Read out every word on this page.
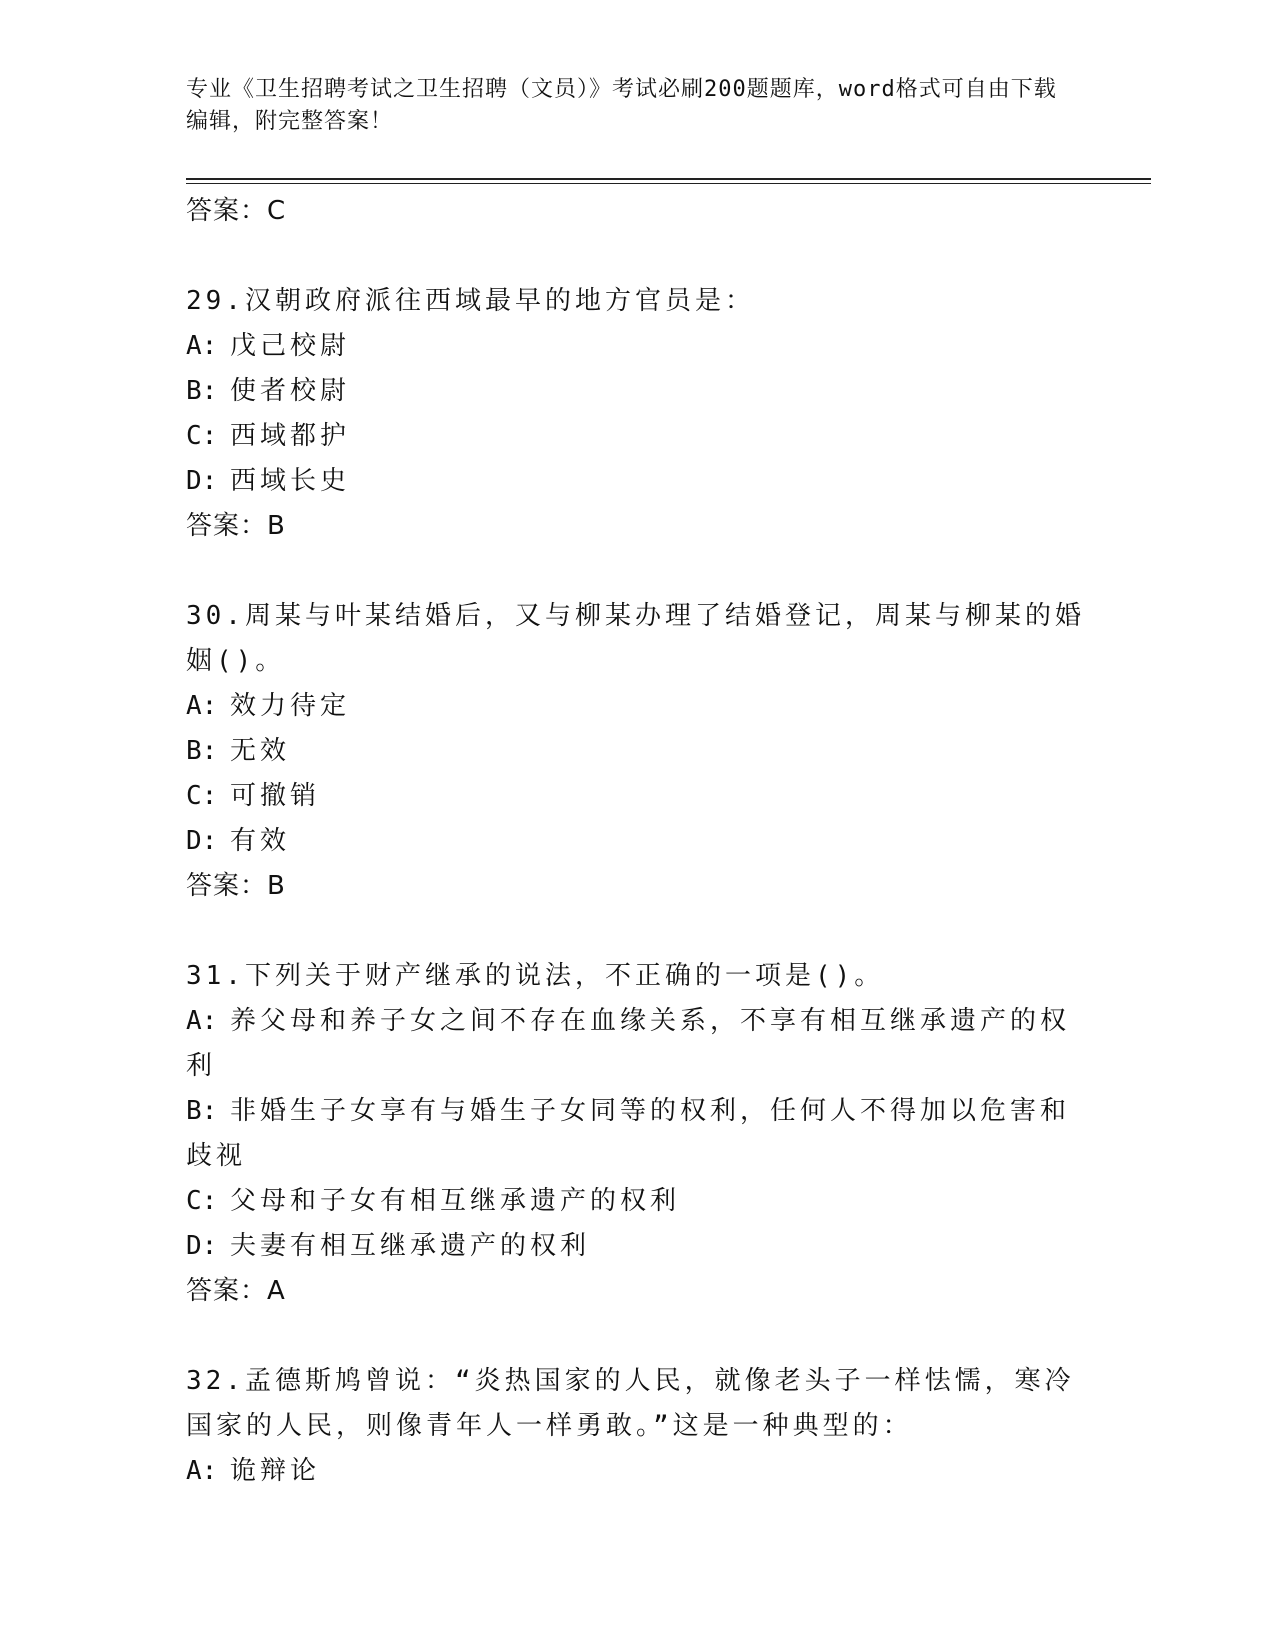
专业《卫生招聘考试之卫生招聘（文员）》考试必刷200题题库，word格式可自由下载编辑，附完整答案！
答案：C
29.汉朝政府派往西域最早的地方官员是：
A: 戊己校尉
B: 使者校尉
C: 西域都护
D: 西域长史
答案：B
30.周某与叶某结婚后，又与柳某办理了结婚登记，周某与柳某的婚姻()。
A: 效力待定
B: 无效
C: 可撤销
D: 有效
答案：B
31.下列关于财产继承的说法，不正确的一项是()。
A: 养父母和养子女之间不存在血缘关系，不享有相互继承遗产的权利
B: 非婚生子女享有与婚生子女同等的权利，任何人不得加以危害和歧视
C: 父母和子女有相互继承遗产的权利
D: 夫妻有相互继承遗产的权利
答案：A
32.孟德斯鸠曾说：“炎热国家的人民，就像老头子一样怯懦，寒冷国家的人民，则像青年人一样勇敢。”这是一种典型的：
A: 诡辩论
